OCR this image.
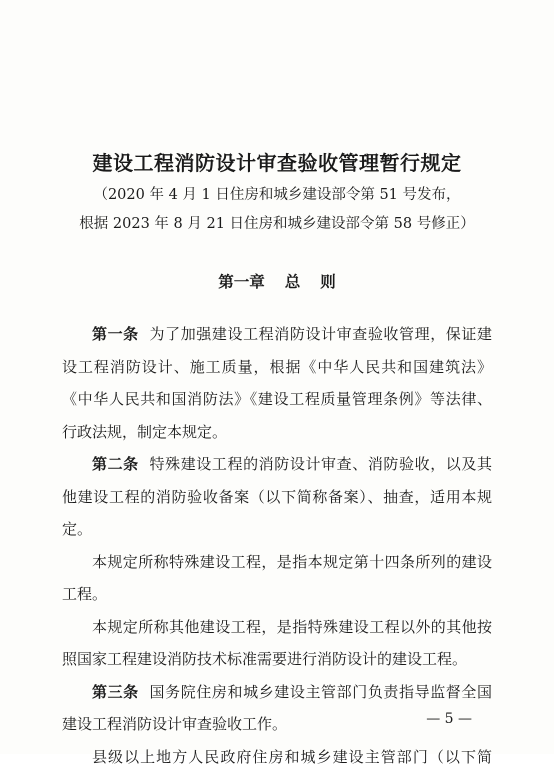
建设工程消防设计审查验收管理暂行规定
（2020 年 4 月 1 日住房和城乡建设部令第 51 号发布，
根据 2023 年 8 月 21 日住房和城乡建设部令第 58 号修正）
第一章 总 则
第一条 为了加强建设工程消防设计审查验收管理，保证建
设工程消防设计、施工质量，根据《中华人民共和国建筑法》
《中华人民共和国消防法》《建设工程质量管理条例》等法律、
行政法规，制定本规定。
第二条 特殊建设工程的消防设计审查、消防验收，以及其
他建设工程的消防验收备案（以下简称备案）、抽查，适用本规
定。
本规定所称特殊建设工程，是指本规定第十四条所列的建设
工程。
本规定所称其他建设工程，是指特殊建设工程以外的其他按
照国家工程建设消防技术标准需要进行消防设计的建设工程。
第三条 国务院住房和城乡建设主管部门负责指导监督全国
建设工程消防设计审查验收工作。
县级以上地方人民政府住房和城乡建设主管部门（以下简
— 5 —
